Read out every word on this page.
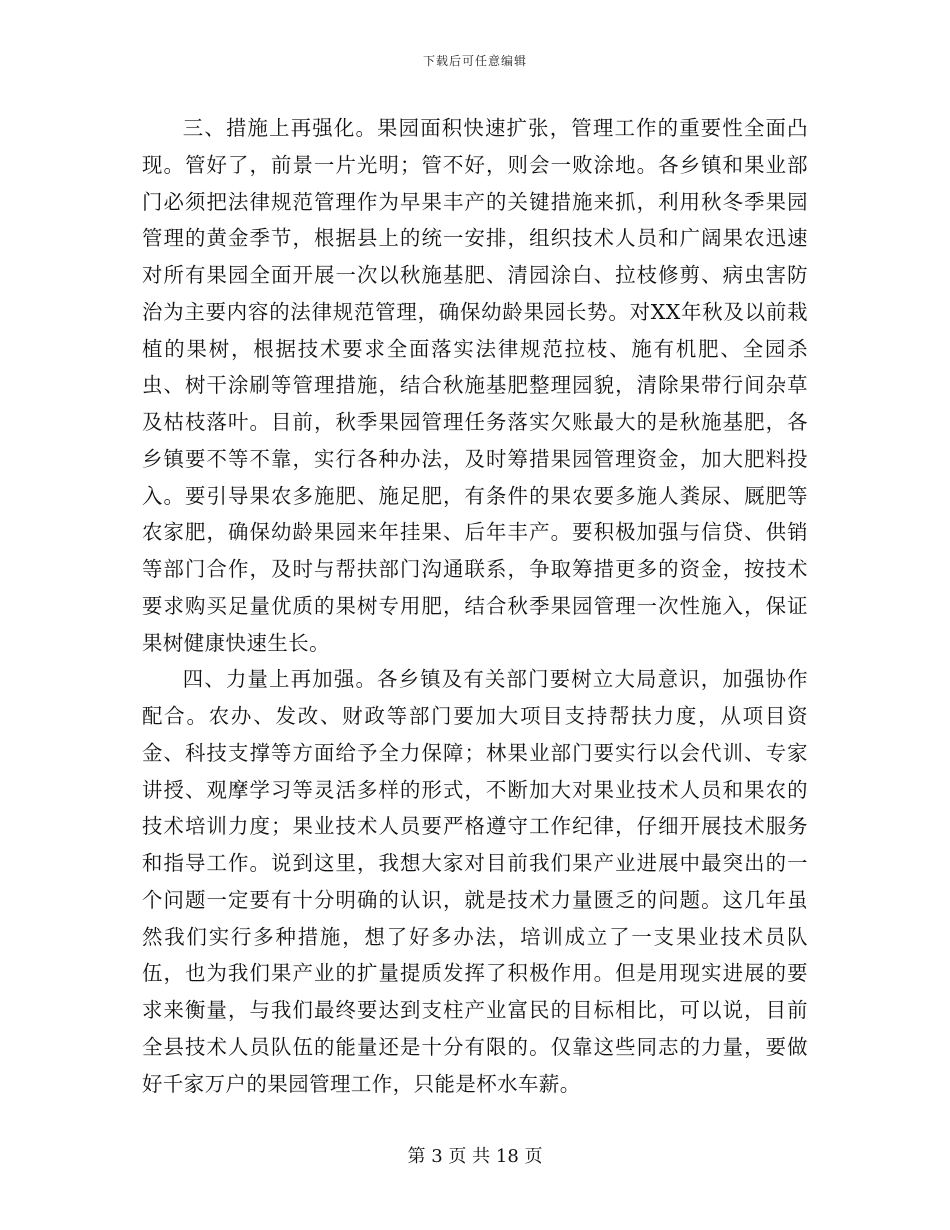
下载后可任意编辑

三、措施上再强化。果园面积快速扩张，管理工作的重要性全面凸现。管好了，前景一片光明；管不好，则会一败涂地。各乡镇和果业部门必须把法律规范管理作为早果丰产的关键措施来抓，利用秋冬季果园管理的黄金季节，根据县上的统一安排，组织技术人员和广阔果农迅速对所有果园全面开展一次以秋施基肥、清园涂白、拉枝修剪、病虫害防治为主要内容的法律规范管理，确保幼龄果园长势。对XX年秋及以前栽植的果树，根据技术要求全面落实法律规范拉枝、施有机肥、全园杀虫、树干涂刷等管理措施，结合秋施基肥整理园貌，清除果带行间杂草及枯枝落叶。目前，秋季果园管理任务落实欠账最大的是秋施基肥，各乡镇要不等不靠，实行各种办法，及时筹措果园管理资金，加大肥料投入。要引导果农多施肥、施足肥，有条件的果农要多施人粪尿、厩肥等农家肥，确保幼龄果园来年挂果、后年丰产。要积极加强与信贷、供销等部门合作，及时与帮扶部门沟通联系，争取筹措更多的资金，按技术要求购买足量优质的果树专用肥，结合秋季果园管理一次性施入，保证果树健康快速生长。

四、力量上再加强。各乡镇及有关部门要树立大局意识，加强协作配合。农办、发改、财政等部门要加大项目支持帮扶力度，从项目资金、科技支撑等方面给予全力保障；林果业部门要实行以会代训、专家讲授、观摩学习等灵活多样的形式，不断加大对果业技术人员和果农的技术培训力度；果业技术人员要严格遵守工作纪律，仔细开展技术服务和指导工作。说到这里，我想大家对目前我们果产业进展中最突出的一个问题一定要有十分明确的认识，就是技术力量匮乏的问题。这几年虽然我们实行多种措施，想了好多办法，培训成立了一支果业技术员队伍，也为我们果产业的扩量提质发挥了积极作用。但是用现实进展的要求来衡量，与我们最终要达到支柱产业富民的目标相比，可以说，目前全县技术人员队伍的能量还是十分有限的。仅靠这些同志的力量，要做好千家万户的果园管理工作，只能是杯水车薪。

第 3 页 共 18 页
